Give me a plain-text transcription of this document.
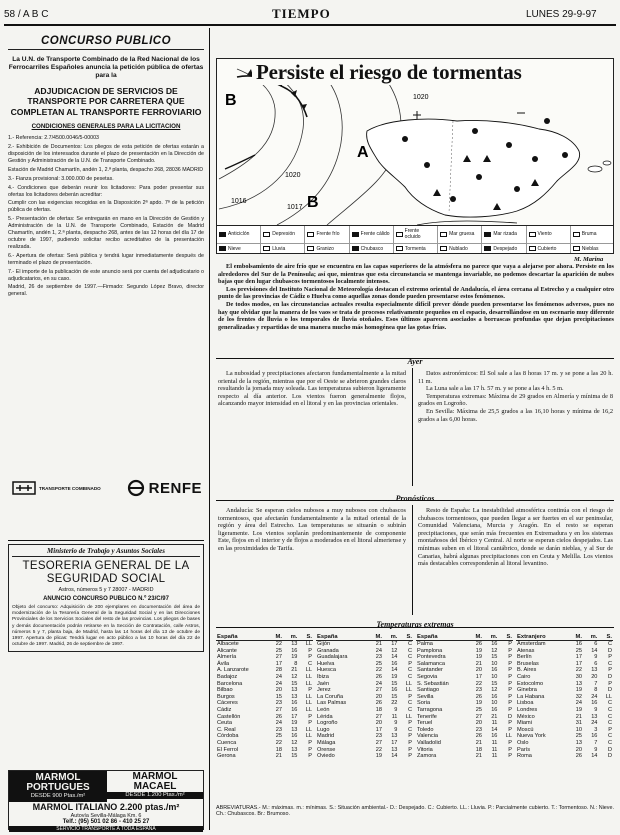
58 / A B C	TIEMPO	LUNES 29-9-97
CONCURSO PUBLICO
La U.N. de Transporte Combinado de la Red Nacional de los Ferrocarriles Españoles anuncia la petición pública de ofertas para la
ADJUDICACION DE SERVICIOS DE TRANSPORTE POR CARRETERA QUE COMPLETAN AL TRANSPORTE FERROVIARIO
CONDICIONES GENERALES PARA LA LICITACION

1.- Referencia: 2.7/4500.0046/5-00003

2.- Exhibición de Documentos: Los pliegos de esta petición de ofertas estarán a disposición de los interesados durante el plazo de presentación en la Dirección de Gestión y Administración de la U.N. de Transporte Combinado.

Estación de Madrid Chamartín, andén 1, 2.ª planta, despacho 268, 28036 MADRID

3.- Fianza provisional: 3.000.000 de pesetas.

4.- Condiciones que deberán reunir los licitadores: Para poder presentar sus ofertas los licitadores deberán acreditar:

Cumplir con las exigencias recogidas en la Disposición 2ª apdo. 7ª de la petición pública de ofertas.

5.- Presentación de ofertas: Se entregarán en mano en la Dirección de Gestión y Administración de la U.N. de Transporte Combinado, Estación de Madrid Chamartín, andén 1, 2.ª planta, despacho 268, antes de las 12 horas del día 17 de octubre de 1997, pudiendo solicitar recibo acreditativo de la presentación realizada.

6.- Apertura de ofertas: Será pública y tendrá lugar inmediatamente después de terminado el plazo de presentación.

7.- El importe de la publicación de este anuncio será por cuenta del adjudicatario o adjudicatarios, en su caso.

Madrid, 26 de septiembre de 1997.—Firmado: Segundo López Bravo, director general.

TRANSPORTE COMBINADO	RENFE
Ministerio de Trabajo y Asuntos Sociales
TESORERIA GENERAL DE LA SEGURIDAD SOCIAL
Astros, números 5 y 7 28007 - MADRID
ANUNCIO CONCURSO PUBLICO N.º 23/C/97
Objeto del concurso: Adquisición de 200 ejemplares en documentación del área de modernización de la Tesorería General de la Seguridad Social y en las Direcciones Provinciales de los Servicios Sociales del resto de las provincias. Los pliegos de bases y demás documentación podrán retirarse en la Sección de Contratación, calle Astros, números 5 y 7, planta baja, de Madrid, hasta las 14 horas del día 13 de octubre de 1997. Apertura de plicas: Tendrá lugar en acto público a las 10 horas del día 22 de octubre de 1997. Madrid, 26 de septiembre de 1997.
MARMOL
PORTUGUES
DESDE 900 Ptas./m²
MARMOL
MACAEL
DESDE 1.200 Ptas./m²
MARMOL ITALIANO 2.200 ptas./m²
Autovía Sevilla-Málaga Km. 6
Telf.: (95) 501 02 86 - 410 25 27
SERVICIO TRANSPORTE A TODA ESPAÑA
B
A
B
1020
1016
1017
1020
Anticiclón	Depresión	Frente frío	Frente cálido	Frente ocluido	Mar gruesa	Mar rizada	Viento	Bruma
Nieve	Lluvia	Granizo	Chubasco	Tormenta	Nublado	Despejado	Cubierto	Nieblas
Persiste el riesgo de tormentas
M. Marina

El embolsamiento de aire frío que se encuentra en las capas superiores de la atmósfera no parece que vaya a alejarse por ahora. Persiste en los alrededores del Sur de la Península; así que, mientras que esta circunstancia se mantenga invariable, no podemos descartar la aparición de nubes bajas que den lugar chubascos tormentosos localmente intensos.

Los previsiones del Instituto Nacional de Meteorología destacan el extremo oriental de Andalucía, el área cercana al Estrecho y a cualquier otro punto de las provincias de Cádiz o Huelva como aquellas zonas donde pueden presentarse estos fenómenos.

De todos modos, en las circunstancias actuales resulta especialmente difícil prever dónde pueden presentarse los fenómenos adversos, pues no hay que olvidar que la manera de los vaos se trata de procesos relativamente pequeños en el espacio, desarrollándose en un escenario muy diferente de los frentes de lluvia o los temporales de lluvia otoñales. Esos últimos aparecen asociados a borrascas profundas que dejan precipitaciones generalizadas y repartidas de una manera mucho más homogénea que las gotas frías.

Ayer
La nubosidad y precipitaciones afectaron fundamentalmente a la mitad oriental de la región, mientras que por el Oeste se abrieron grandes claros resultando la jornada muy soleada. Las temperaturas subieron ligeramente respecto al día anterior. Los vientos fueron generalmente flojos, alcanzando mayor intensidad en el litoral y en las provincias orientales.

Datos astronómicos: El Sol sale a las 8 horas 17 m. y se pone a las 20 h. 11 m.

La Luna sale a las 17 h. 57 m. y se pone a las 4 h. 5 m.

Temperaturas extremas: Máxima de 29 grados en Almería y mínima de 8 grados en Logroño.

En Sevilla: Máxima de 25,5 grados a las 16,10 horas y mínima de 16,2 grados a las 6,00 horas.

Pronósticos
Andalucía: Se esperan cielos nubosos a muy nubosos con chubascos tormentosos, que afectarán fundamentalmente a la mitad oriental de la región y área del Estrecho. Las temperaturas se situarán o subirán ligeramente. Los vientos soplarán predominantemente de componente Este, flojos en el interior y de flojos a moderados en el litoral almeriense y en las proximidades de Tarifa.
Resto de España: La inestabilidad atmosférica continúa con el riesgo de chubascos tormentosos, que pueden llegar a ser fuertes en el sur peninsular, Comunidad Valenciana, Murcia y Aragón. En el resto se esperan precipitaciones, que serán más frecuentes en Extremadura y en los sistemas montañosos del Ibérico y Central. Al norte se esperan cielos despejados. Las mínimas suben en el litoral cantábrico, donde se darán nieblas, y al Sur de Canarias, habrá algunas precipitaciones con en Ceuta y Melilla. Los vientos más destacables corresponderán al litoral levantino.
Temperaturas extremas
España	M.	m.	S.
Albacete	22	13	LL
Alicante	25	16	P
Almería	27	19	P
Ávila	17	8	C
A. Lanzarote	28	21	LL
Badajoz	24	12	LL
Barcelona	24	15	LL
Bilbao	20	13	P
Burgos	15	13	LL
Cáceres	23	16	LL
Cádiz	27	16	LL
Castellón	26	17	P
Ceuta	24	19	P
C. Real	23	13	LL
Córdoba	25	16	LL
Cuenca	22	12	P
El Ferrol	18	13	P
Gerona	21	15	P
España	M.	m.	S.
Gijón	21	17	C
Granada	24	12	C
Guadalajara	23	14	C
Huelva	25	16	P
Huesca	22	14	C
Ibiza	26	19	C
Jaén	24	15	LL
Jerez	27	16	LL
La Coruña	20	15	P
Las Palmas	26	22	C
León	18	9	C
Lérida	27	11	LL
Logroño	20	9	P
Lugo	17	9	C
Madrid	23	13	P
Málaga	27	17	P
Orense	22	13	P
Oviedo	19	14	P
España	M.	m.	S.
Palma	26	16	P
Pamplona	19	12	P
Pontevedra	19	15	P
Salamanca	21	10	P
Santander	20	16	P
Segovia	17	10	P
S. Sebastián	22	15	P
Santiago	23	12	P
Sevilla	26	16	P
Soria	19	10	P
Tarragona	25	16	P
Tenerife	27	21	D
Teruel	20	11	P
Toledo	23	14	P
Valencia	26	16	LL
Valladolid	21	11	P
Vitoria	18	11	P
Zamora	21	11	P
Extranjero	M.	m.	S.
Amsterdam	16	6	C
Atenas	25	14	D
Berlín	17	9	P
Bruselas	17	6	C
B. Aires	22	13	P
Cairo	30	20	D
Estocolmo	13	7	P
Ginebra	19	8	D
La Habana	32	24	LL
Lisboa	24	16	C
Londres	19	9	C
México	21	13	C
Miami	31	24	C
Moscú	10	3	P
Nueva York	25	16	C
Oslo	13	7	C
París	20	9	D
Roma	26	14	D
ABREVIATURAS.- M.: máximas. m.: mínimas. S.: Situación ambiental.- D.: Despejado. C.: Cubierto. LL.: Lluvia. P.: Parcialmente cubierto. T.: Tormentoso. N.: Nieve. Ch.: Chubascos. Br.: Brumoso.
